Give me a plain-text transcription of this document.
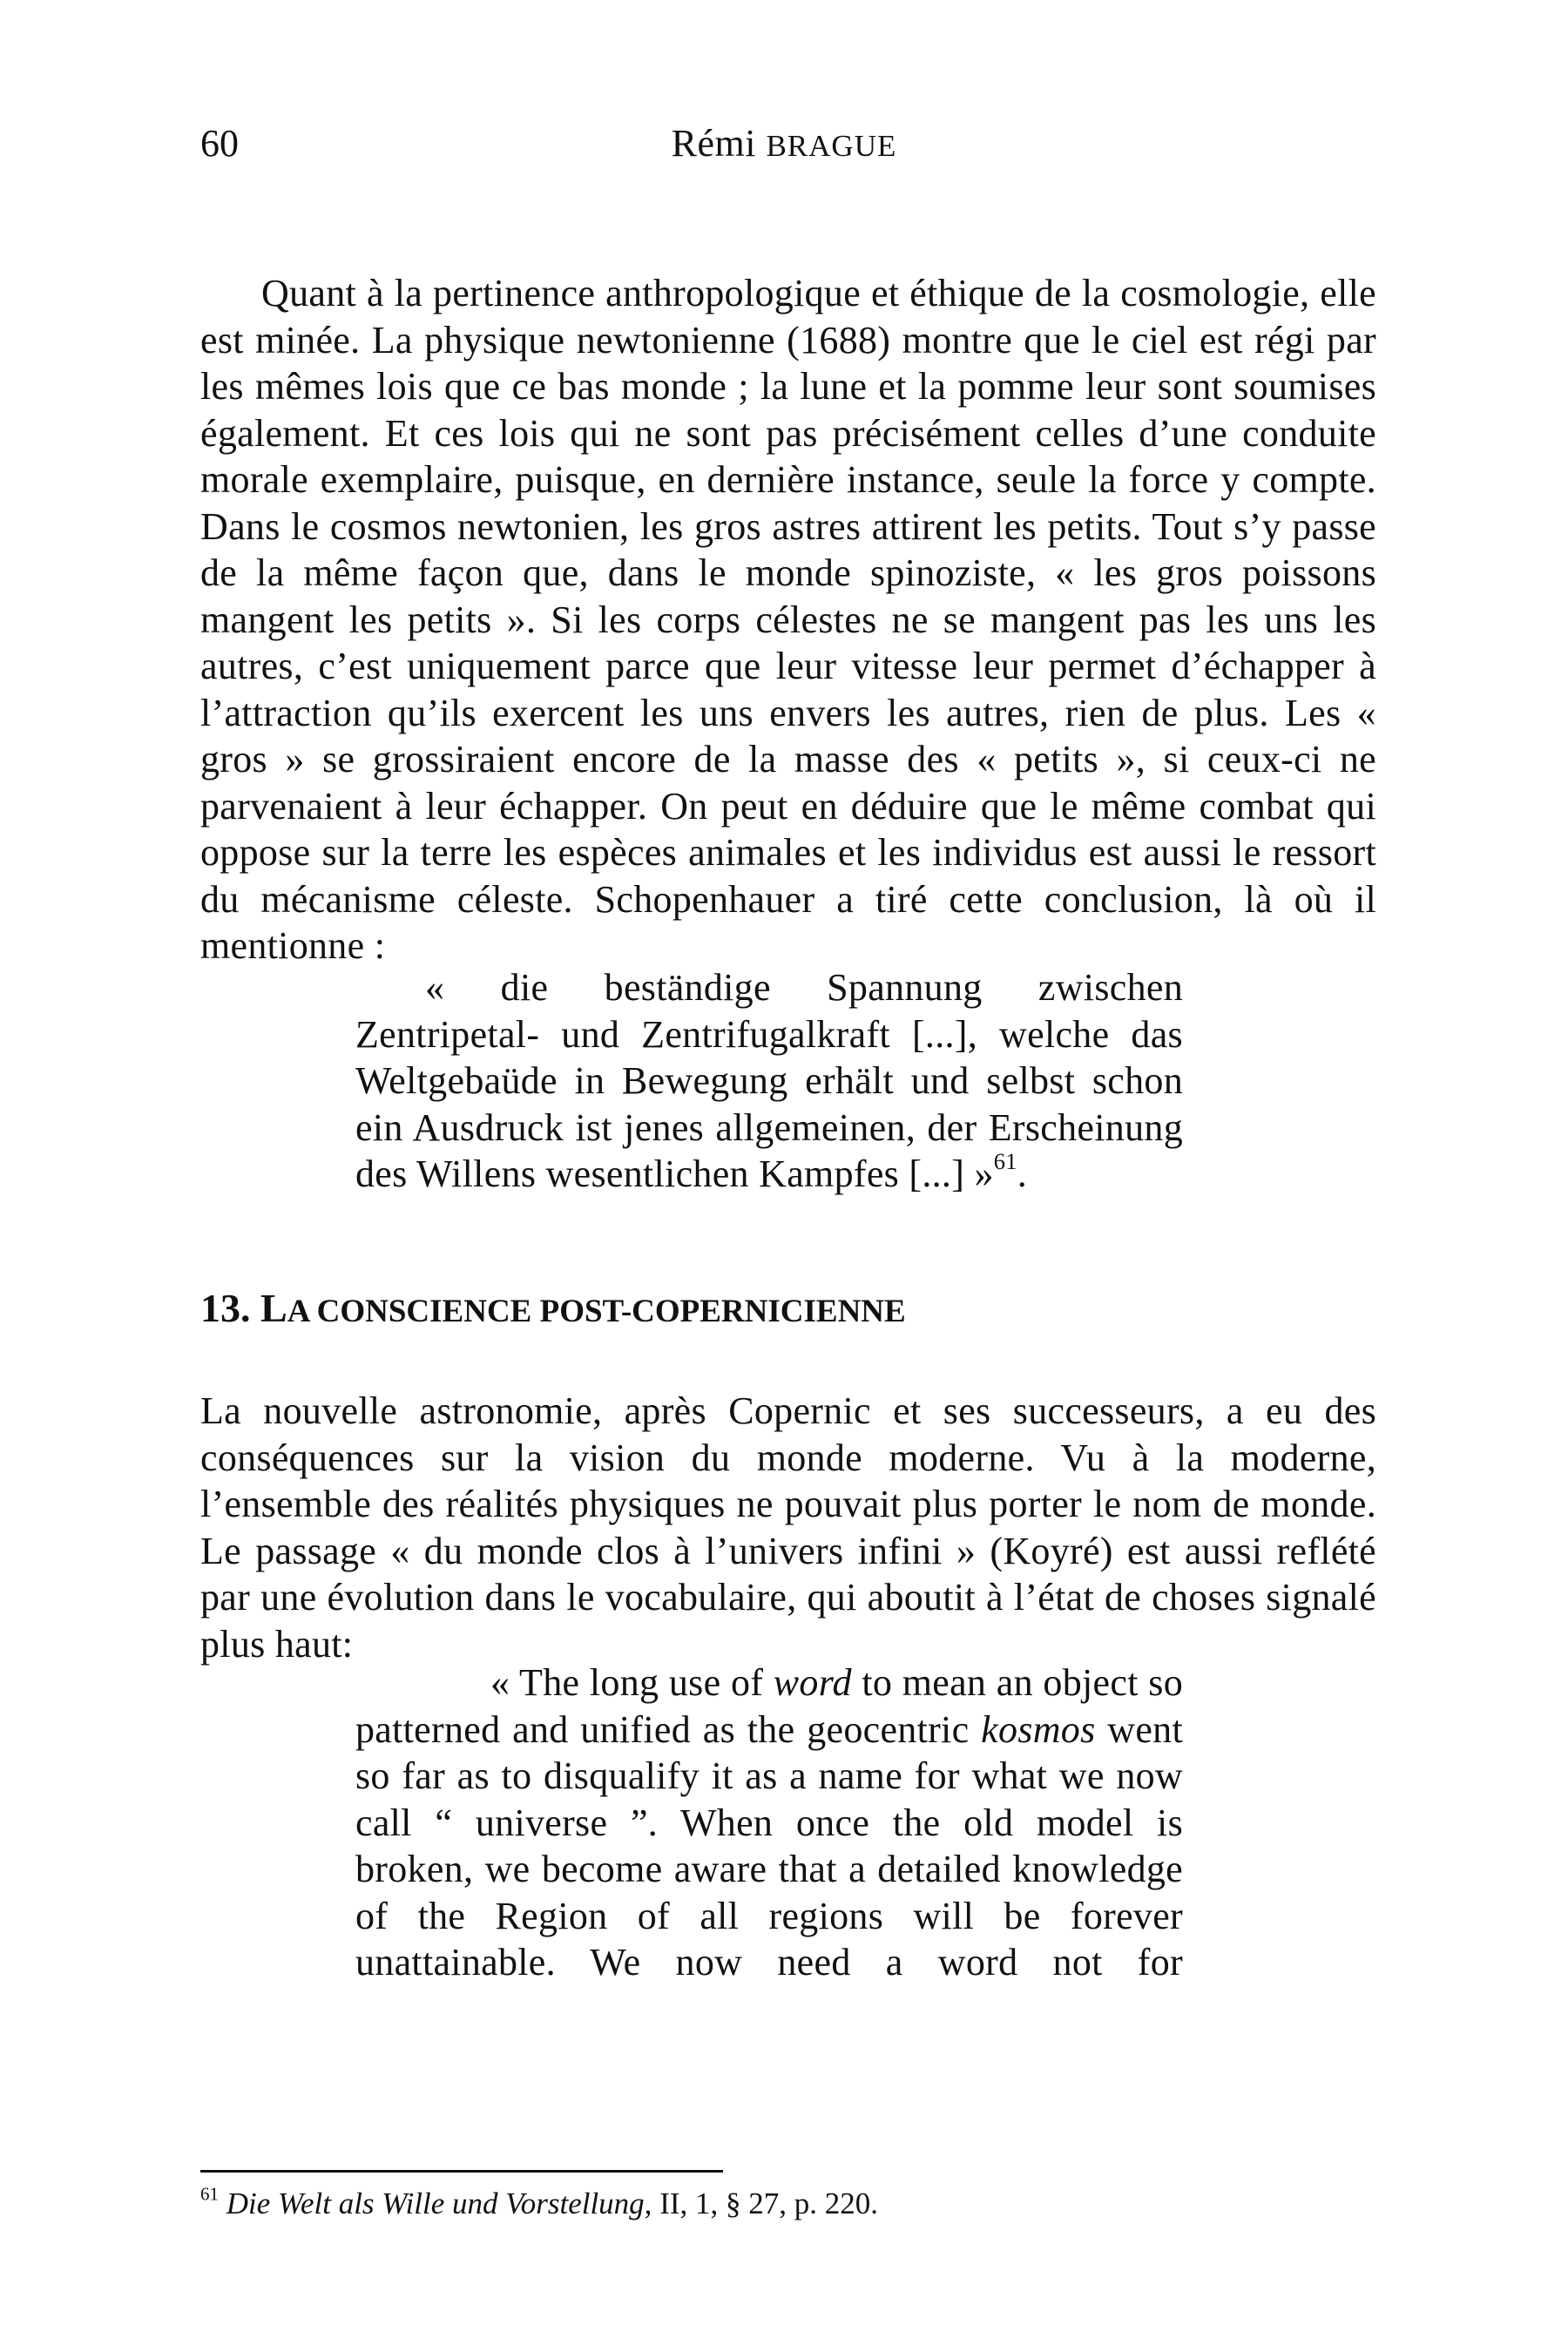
60	Rémi BRAGUE

Quant à la pertinence anthropologique et éthique de la cosmologie, elle est minée. La physique newtonienne (1688) montre que le ciel est régi par les mêmes lois que ce bas monde ; la lune et la pomme leur sont soumises également. Et ces lois qui ne sont pas précisément celles d’une conduite morale exemplaire, puisque, en dernière instance, seule la force y compte. Dans le cosmos newtonien, les gros astres attirent les petits. Tout s’y passe de la même façon que, dans le monde spinoziste, « les gros poissons mangent les petits ». Si les corps célestes ne se mangent pas les uns les autres, c’est uniquement parce que leur vitesse leur permet d’échapper à l’attraction qu’ils exercent les uns envers les autres, rien de plus. Les « gros » se grossiraient encore de la masse des « petits », si ceux-ci ne parvenaient à leur échapper. On peut en déduire que le même combat qui oppose sur la terre les espèces animales et les individus est aussi le ressort du mécanisme céleste. Schopenhauer a tiré cette conclusion, là où il mentionne :

« die beständige Spannung zwischen Zentripetal- und Zentrifugalkraft [...], welche das Weltgebaüde in Bewegung erhält und selbst schon ein Ausdruck ist jenes allgemeinen, der Erscheinung des Willens wesentlichen Kampfes [...] »$^{61}$.

13. LA CONSCIENCE POST-COPERNICIENNE

La nouvelle astronomie, après Copernic et ses successeurs, a eu des conséquences sur la vision du monde moderne. Vu à la moderne, l’ensemble des réalités physiques ne pouvait plus porter le nom de monde. Le passage « du monde clos à l’univers infini » (Koyré) est aussi reflété par une évolution dans le vocabulaire, qui aboutit à l’état de choses signalé plus haut:

« The long use of word to mean an object so patterned and unified as the geocentric kosmos went so far as to disqualify it as a name for what we now call “ universe ”. When once the old model is broken, we become aware that a detailed knowledge of the Region of all regions will be forever unattainable. We now need a word not for

$^{61}$ Die Welt als Wille und Vorstellung, II, 1, § 27, p. 220.
